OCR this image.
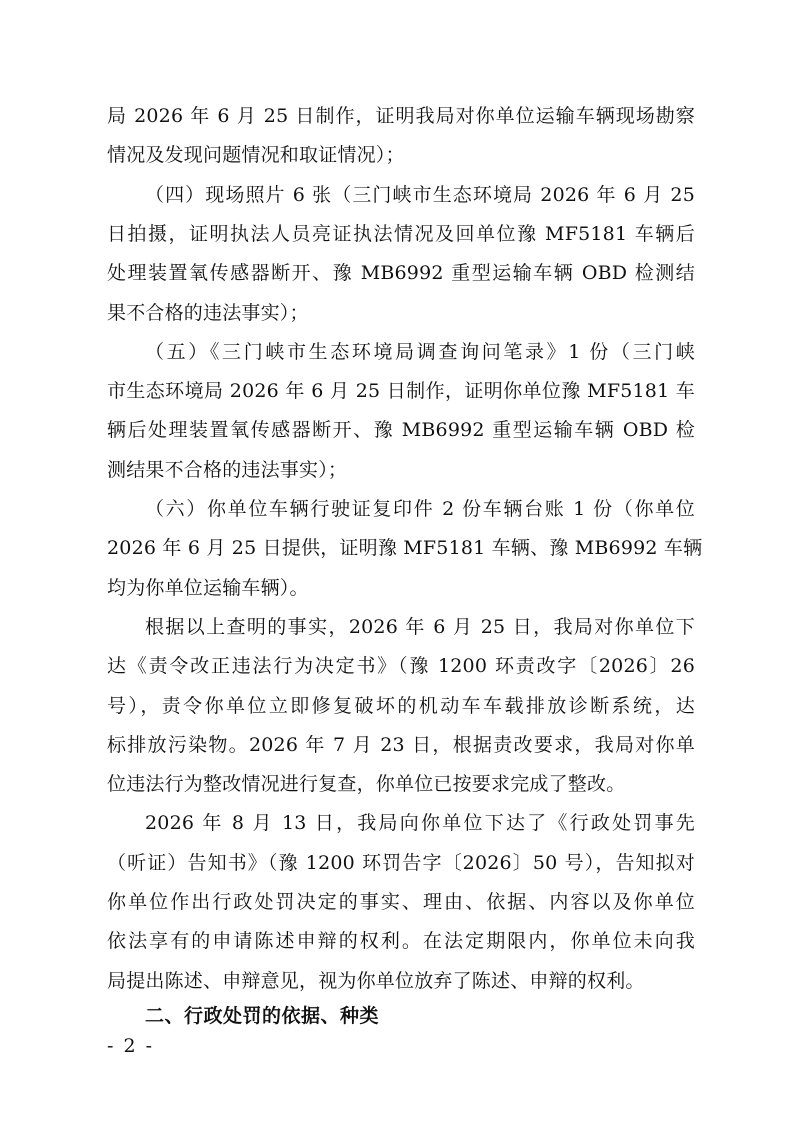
局 2026 年 6 月 25 日制作，证明我局对你单位运输车辆现场勘察
情况及发现问题情况和取证情况）；
（四）现场照片 6 张（三门峡市生态环境局 2026 年 6 月 25
日拍摄，证明执法人员亮证执法情况及回单位豫 MF5181 车辆后
处理装置氧传感器断开、豫 MB6992 重型运输车辆 OBD 检测结
果不合格的违法事实）；
（五）《三门峡市生态环境局调查询问笔录》1 份（三门峡
市生态环境局 2026 年 6 月 25 日制作，证明你单位豫 MF5181 车
辆后处理装置氧传感器断开、豫 MB6992 重型运输车辆 OBD 检
测结果不合格的违法事实）；
（六）你单位车辆行驶证复印件 2 份车辆台账 1 份（你单位
2026 年 6 月 25 日提供，证明豫 MF5181 车辆、豫 MB6992 车辆
均为你单位运输车辆）。
根据以上查明的事实，2026 年 6 月 25 日，我局对你单位下
达《责令改正违法行为决定书》（豫 1200 环责改字〔2026〕26
号），责令你单位立即修复破坏的机动车车载排放诊断系统，达
标排放污染物。2026 年 7 月 23 日，根据责改要求，我局对你单
位违法行为整改情况进行复查，你单位已按要求完成了整改。
2026 年 8 月 13 日，我局向你单位下达了《行政处罚事先
（听证）告知书》（豫 1200 环罚告字〔2026〕50 号），告知拟对
你单位作出行政处罚决定的事实、理由、依据、内容以及你单位
依法享有的申请陈述申辩的权利。在法定期限内，你单位未向我
局提出陈述、申辩意见，视为你单位放弃了陈述、申辩的权利。
二、行政处罚的依据、种类
- 2 -
